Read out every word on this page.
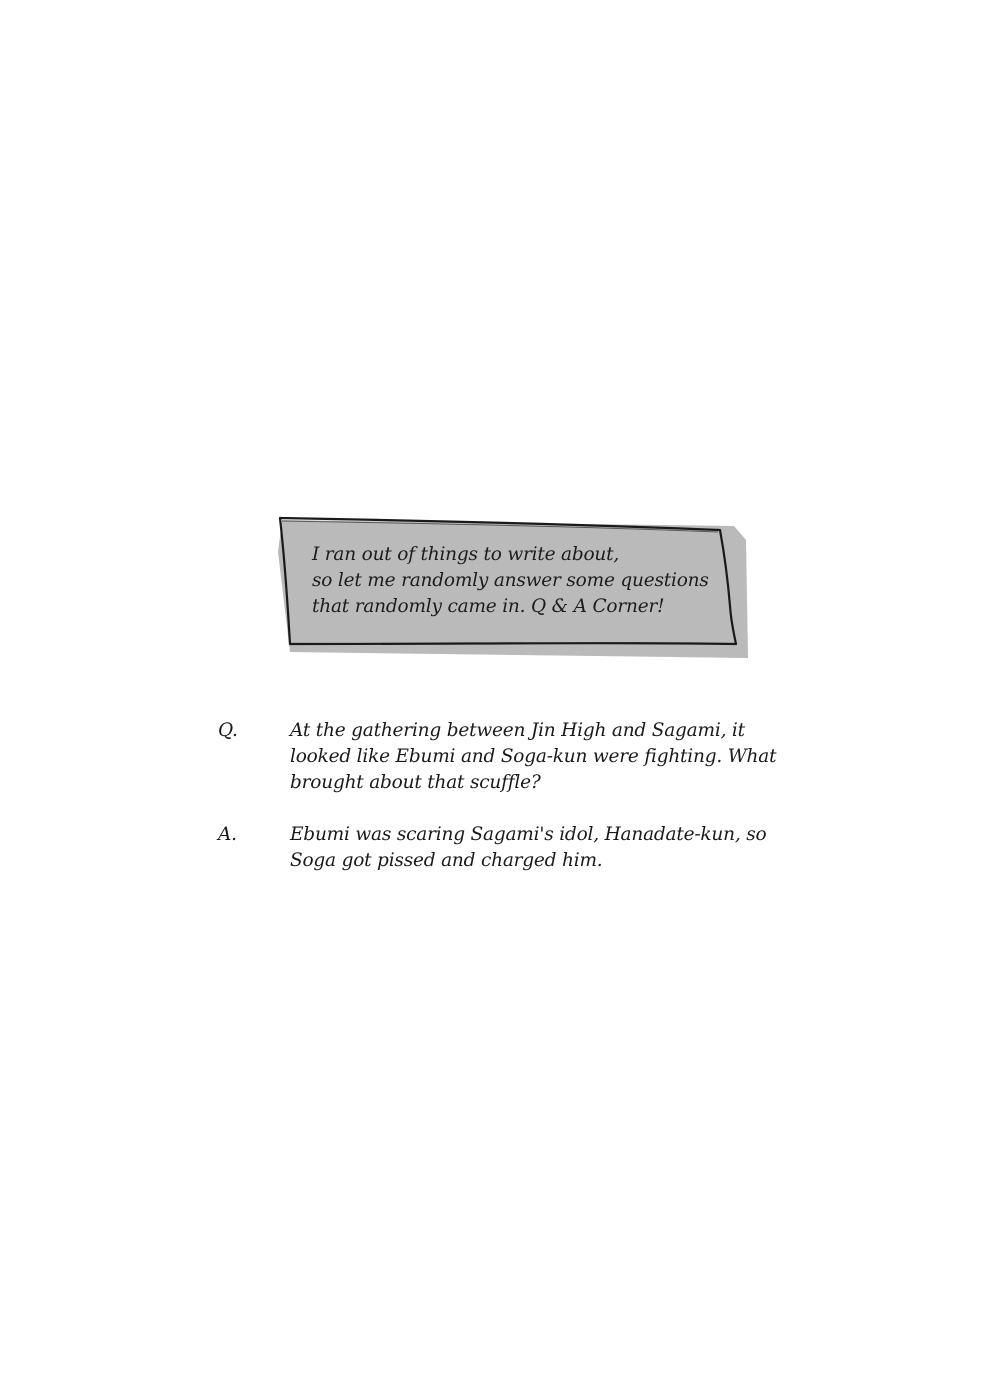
I ran out of things to write about,
so let me randomly answer some questions
that randomly came in. Q & A Corner!
Q.	At the gathering between Jin High and Sagami, it
looked like Ebumi and Soga-kun were fighting. What
brought about that scuffle?
A.	Ebumi was scaring Sagami's idol, Hanadate-kun, so
Soga got pissed and charged him.
